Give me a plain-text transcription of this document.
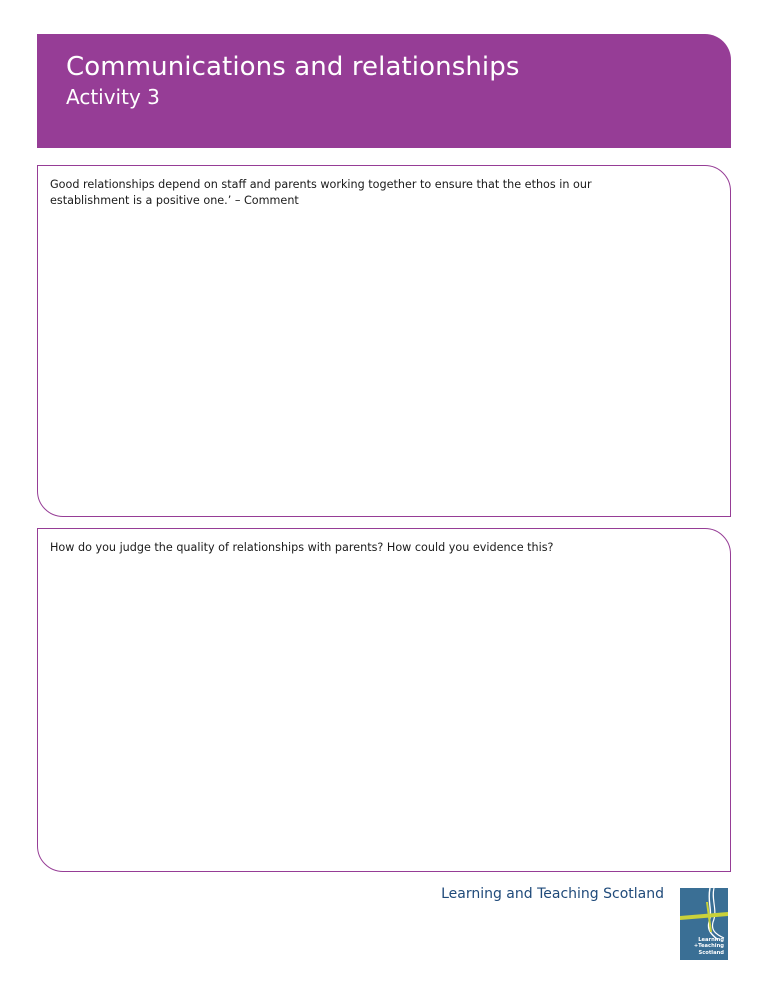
Communications and relationships
Activity 3
Good relationships depend on staff and parents working together to ensure that the ethos in our establishment is a positive one.’ – Comment
How do you judge the quality of relationships with parents? How could you evidence this?
Learning and Teaching Scotland
Learning
+Teaching
Scotland
